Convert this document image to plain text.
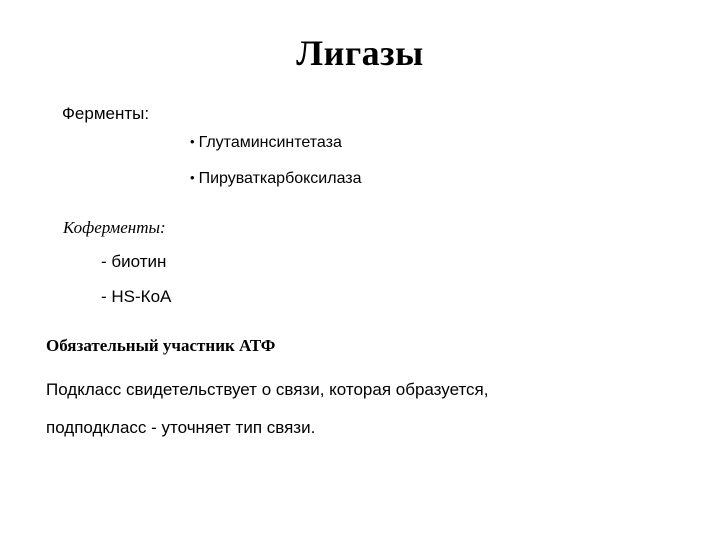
Лигазы
Ферменты:
• Глутаминсинтетаза
• Пируваткарбоксилаза
Коферменты:
- биотин
- HS-КоА
Обязательный участник АТФ
Подкласс свидетельствует о связи, которая образуется,
подподкласс - уточняет тип связи.
